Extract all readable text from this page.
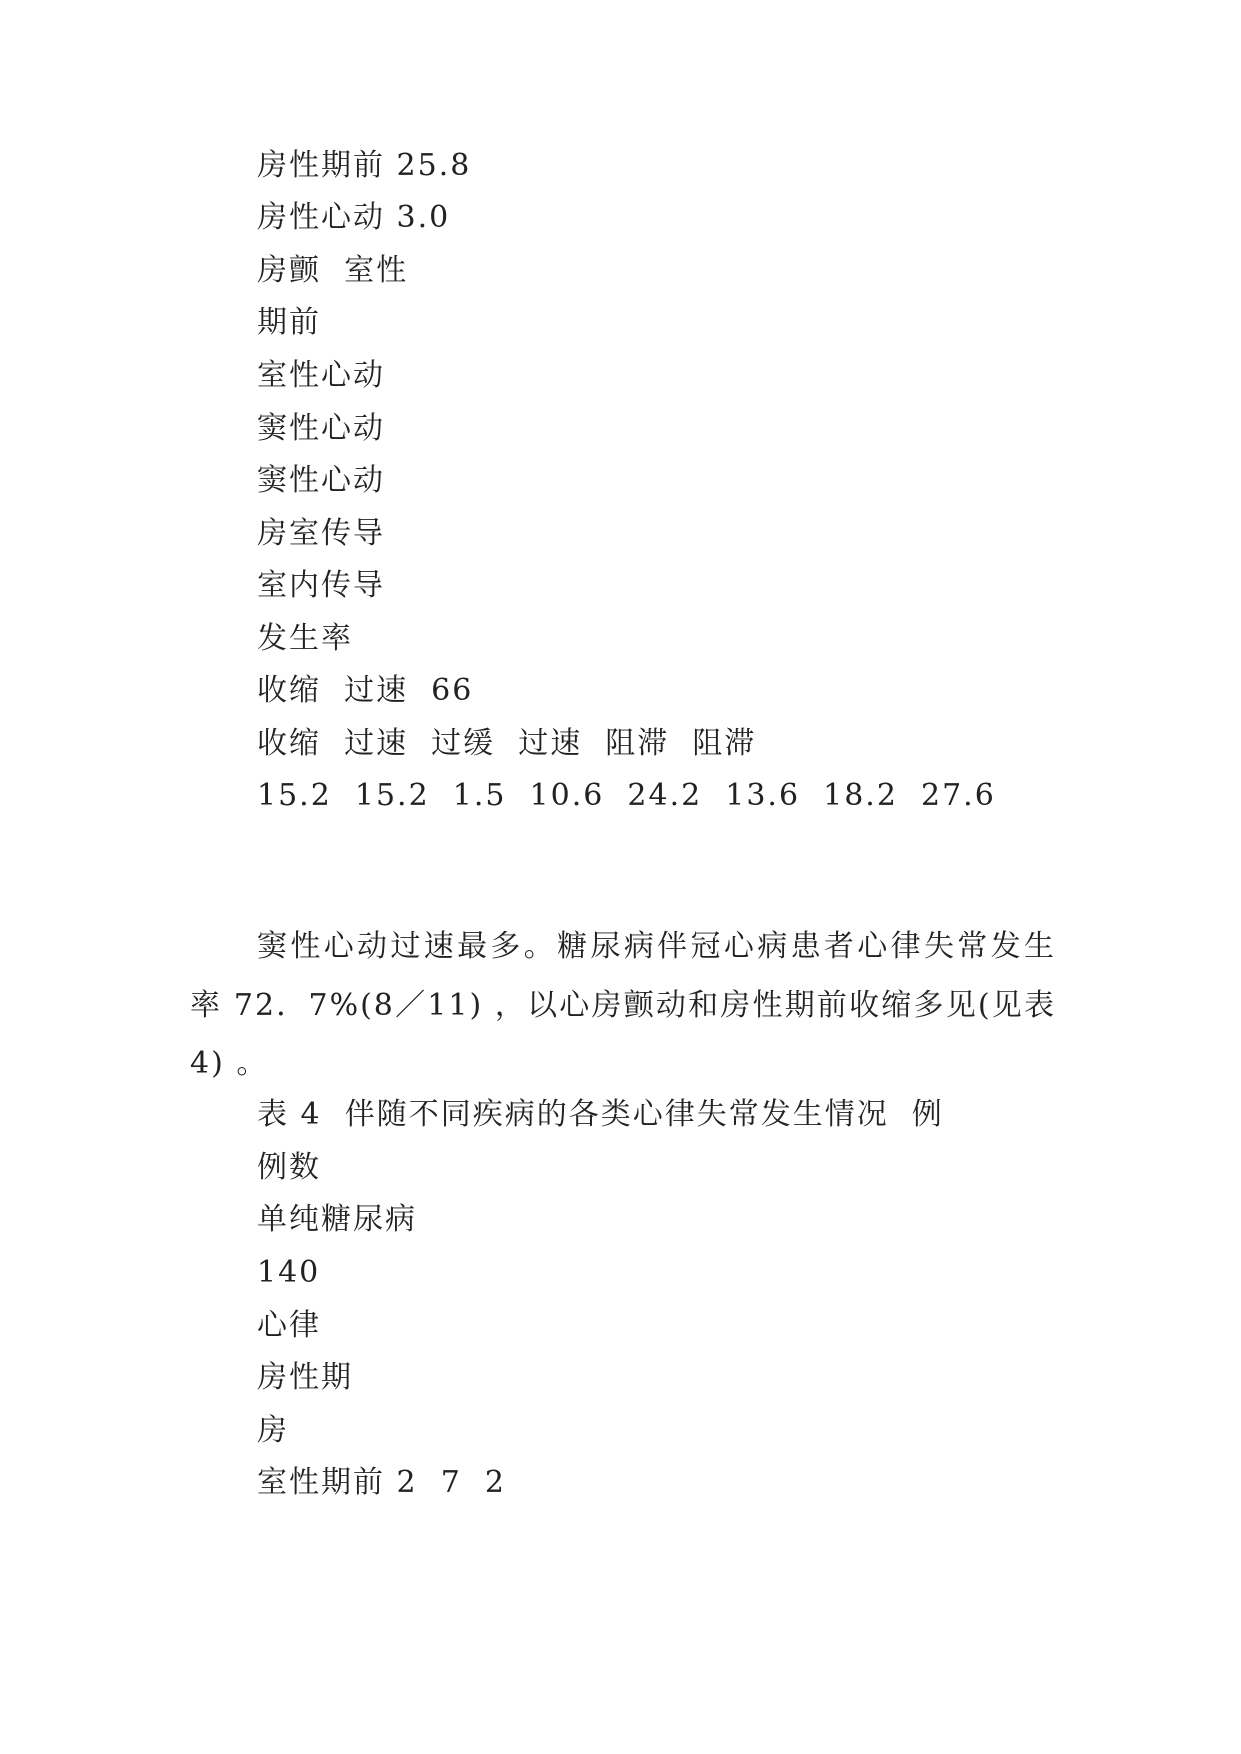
房性期前 25.8
房性心动 3.0
房颤  室性
期前
室性心动
窦性心动
窦性心动
房室传导
室内传导
发生率
收缩  过速  66
收缩  过速  过缓  过速  阻滞  阻滞
15.2  15.2  1.5  10.6  24.2  13.6  18.2  27.6
窦性心动过速最多。糖尿病伴冠心病患者心律失常发生率 72．7%(8／11) ，以心房颤动和房性期前收缩多见(见表 4) 。
表 4  伴随不同疾病的各类心律失常发生情况  例
例数
单纯糖尿病
140
心律
房性期
房
室性期前 2  7  2
